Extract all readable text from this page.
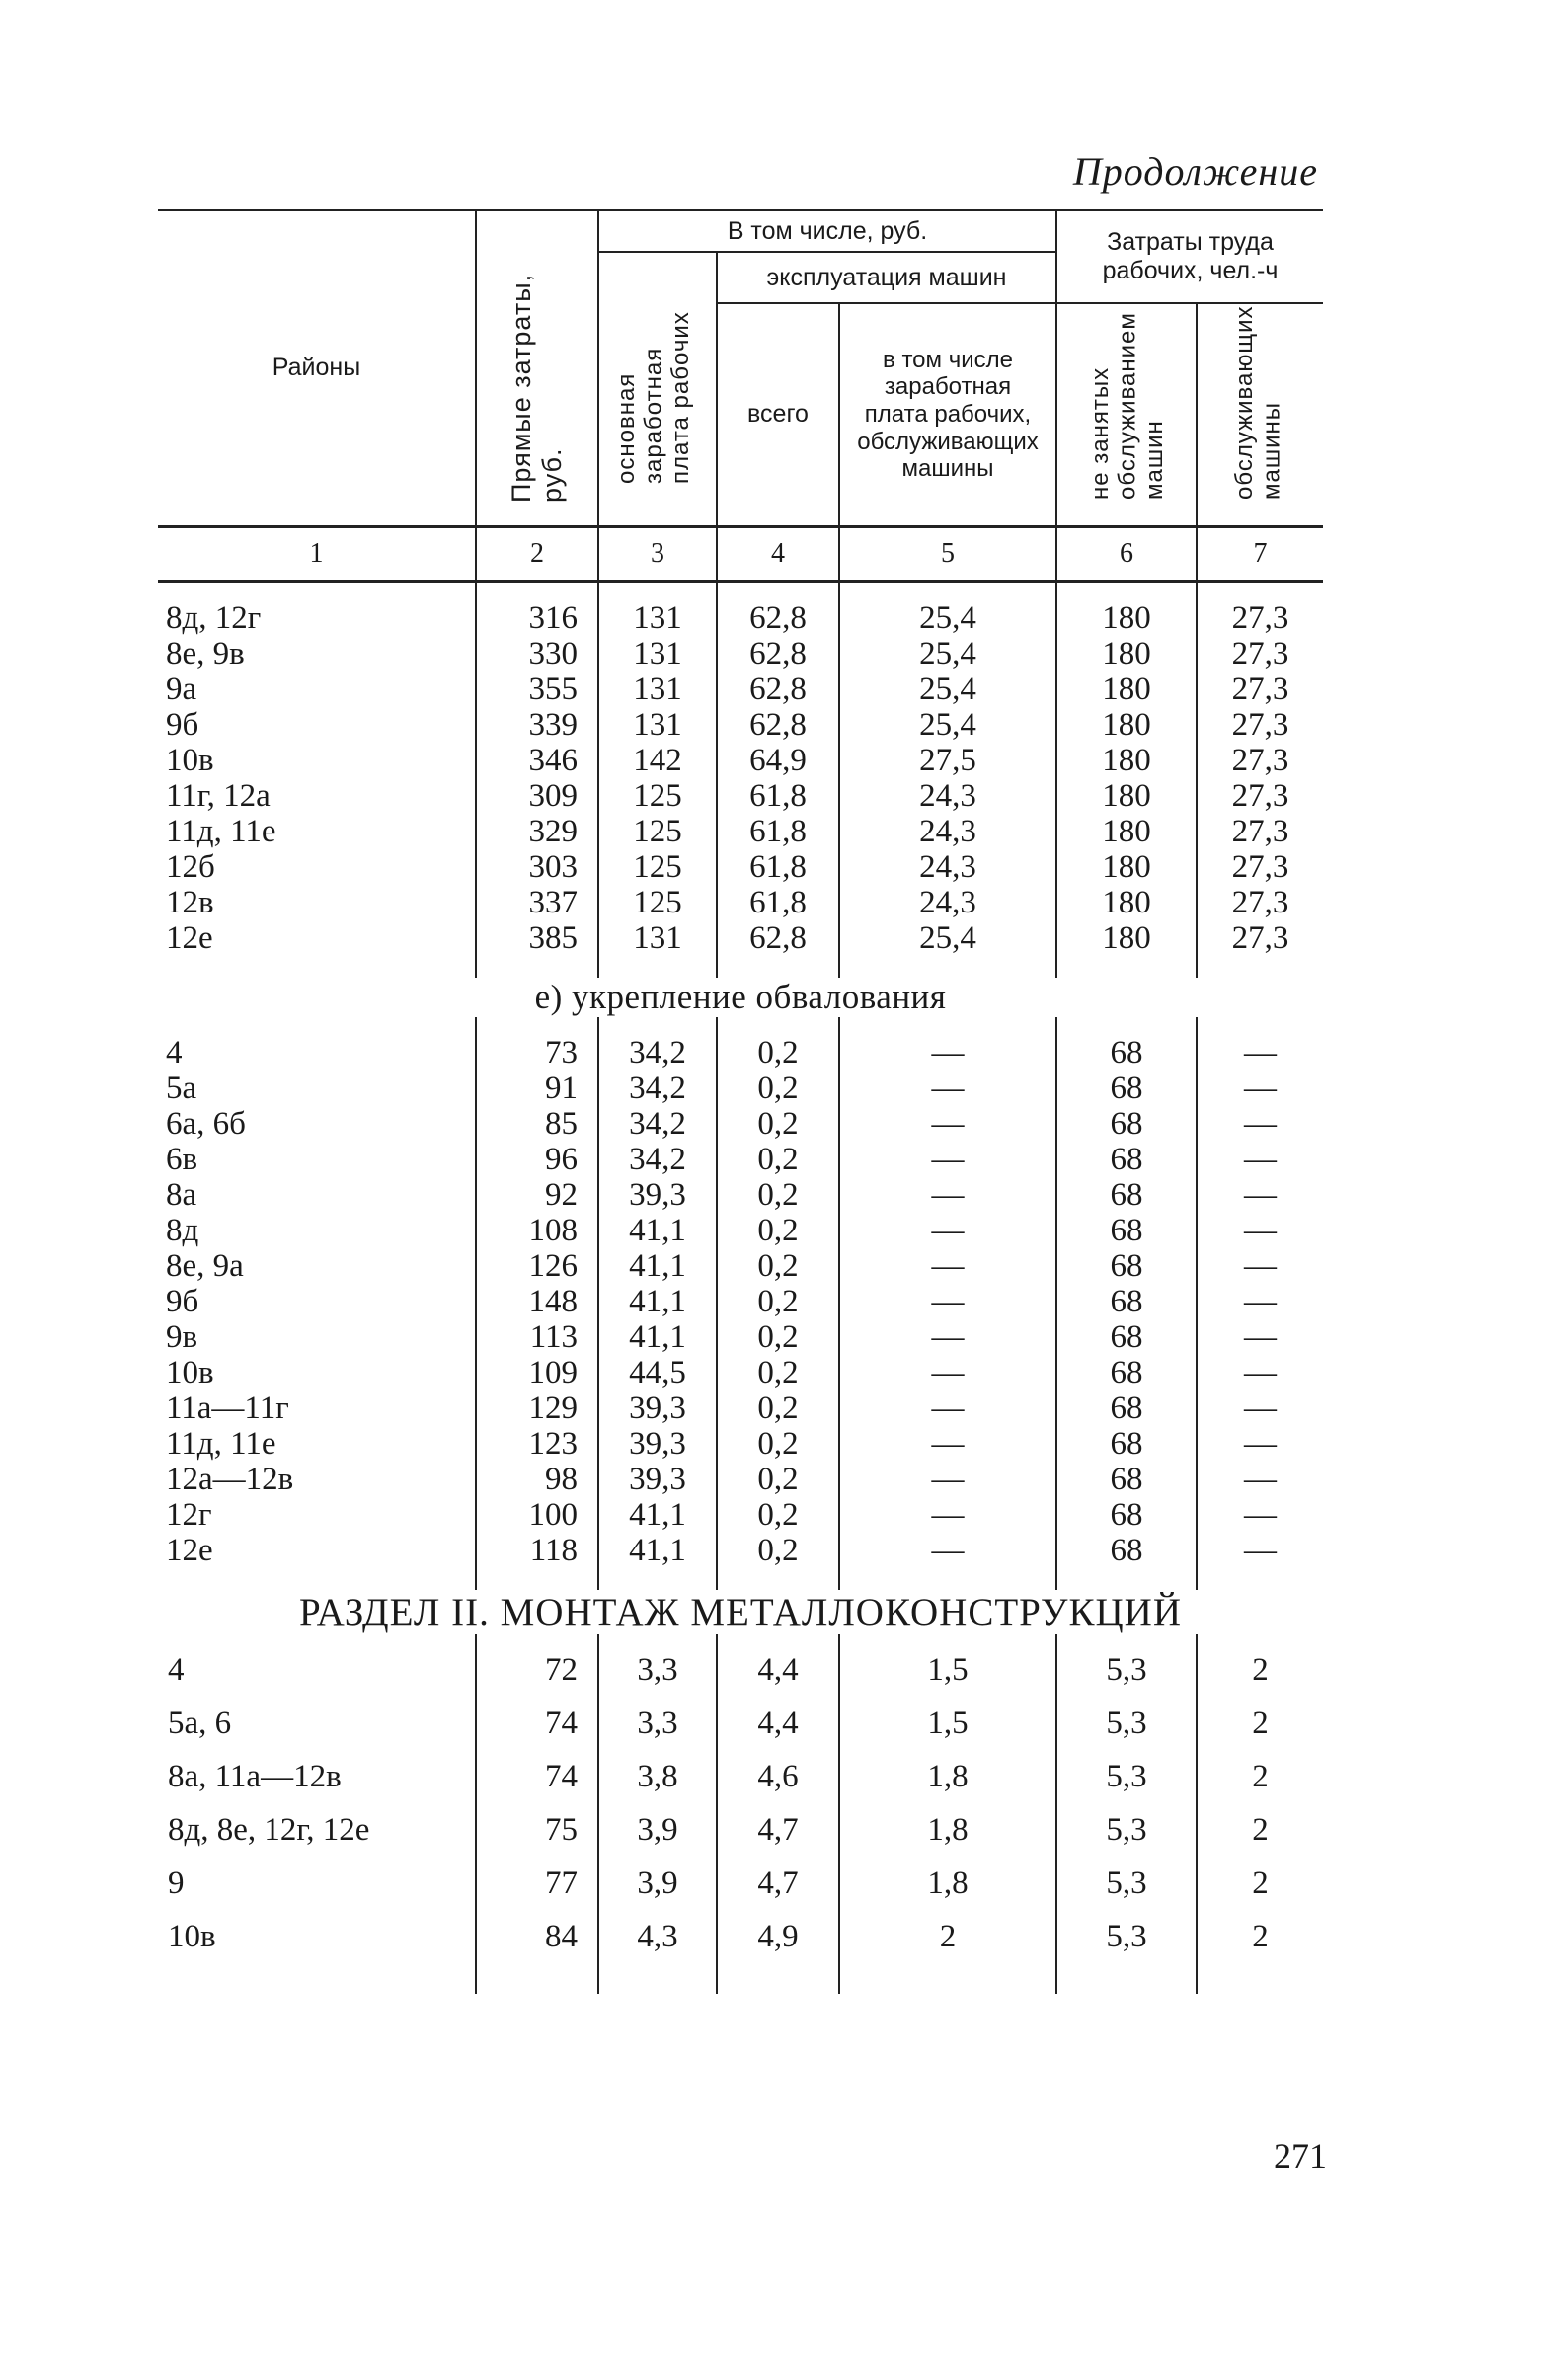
Продолжение
Районы	Прямые затраты, руб.	В том числе, руб.			Затраты труда рабочих, чел.-ч	
		основная заработная плата рабочих	эксплуатация машин			
			всего	в том числе заработная плата рабочих, обслуживающих машины	не занятых обслуживанием машин	обслуживающих машины
1	2	3	4	5	6	7
8д, 12г	316	131	62,8	25,4	180	27,3
8е, 9в	330	131	62,8	25,4	180	27,3
9а	355	131	62,8	25,4	180	27,3
9б	339	131	62,8	25,4	180	27,3
10в	346	142	64,9	27,5	180	27,3
11г, 12а	309	125	61,8	24,3	180	27,3
11д, 11е	329	125	61,8	24,3	180	27,3
12б	303	125	61,8	24,3	180	27,3
12в	337	125	61,8	24,3	180	27,3
12е	385	131	62,8	25,4	180	27,3
е) укрепление обвалования						
4	73	34,2	0,2	—	68	—
5а	91	34,2	0,2	—	68	—
6а, 6б	85	34,2	0,2	—	68	—
6в	96	34,2	0,2	—	68	—
8а	92	39,3	0,2	—	68	—
8д	108	41,1	0,2	—	68	—
8е, 9а	126	41,1	0,2	—	68	—
9б	148	41,1	0,2	—	68	—
9в	113	41,1	0,2	—	68	—
10в	109	44,5	0,2	—	68	—
11а—11г	129	39,3	0,2	—	68	—
11д, 11е	123	39,3	0,2	—	68	—
12а—12в	98	39,3	0,2	—	68	—
12г	100	41,1	0,2	—	68	—
12е	118	41,1	0,2	—	68	—
РАЗДЕЛ II. МОНТАЖ МЕТАЛЛОКОНСТРУКЦИЙ						
4	72	3,3	4,4	1,5	5,3	2
5а, 6	74	3,3	4,4	1,5	5,3	2
8а, 11а—12в	74	3,8	4,6	1,8	5,3	2
8д, 8е, 12г, 12е	75	3,9	4,7	1,8	5,3	2
9	77	3,9	4,7	1,8	5,3	2
10в	84	4,3	4,9	2	5,3	2
271
